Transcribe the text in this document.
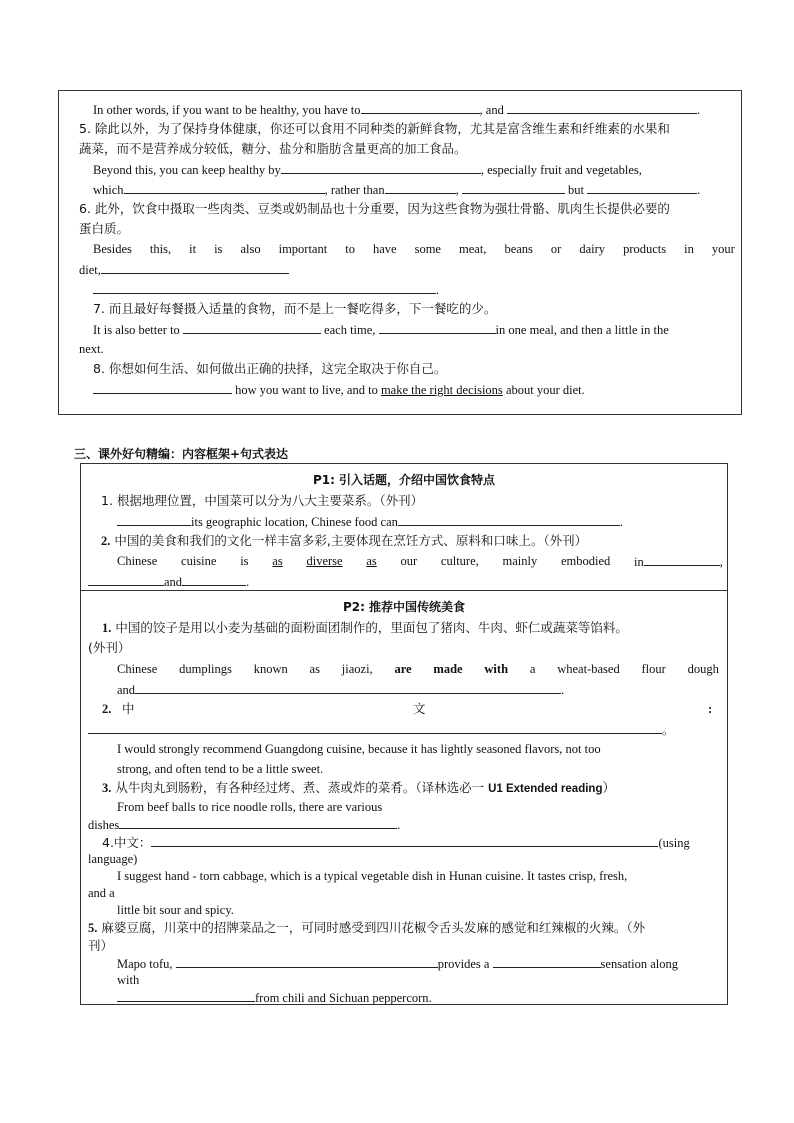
In other words, if you want to be healthy, you have to	, and	.
5. 除此以外，为了保持身体健康，你还可以食用不同种类的新鲜食物，尤其是富含维生素和纤维素的水果和
蔬菜，而不是营养成分较低，糖分、盐分和脂肪含量更高的加工食品。
Beyond this, you can keep healthy by	, especially fruit and vegetables,
which	, rather than	,	but	.
6. 此外，饮食中摄取一些肉类、豆类或奶制品也十分重要，因为这些食物为强壮骨骼、肌肉生长提供必要的
蛋白质。
Besides this, it is also important to have some meat, beans or dairy products in your
diet,
.
7. 而且最好每餐摄入适量的食物，而不是上一餐吃得多，下一餐吃的少。
It is also better to	each time,	in one meal, and then a little in the
next.
8. 你想如何生活、如何做出正确的抉择，这完全取决于你自己。
how you want to live, and to make the right decisions about your diet.
三、课外好句精编：内容框架+句式表达
P1: 引入话题，介绍中国饮食特点
1. 根据地理位置，中国菜可以分为八大主要菜系。（外刊）
its geographic location, Chinese food can	.
2. 中国的美食和我们的文化一样丰富多彩,主要体现在烹饪方式、原料和口味上。（外刊）
Chinese cuisine is as diverse as our culture, mainly embodied in	,
and	.
P2: 推荐中国传统美食
1. 中国的饺子是用以小麦为基础的面粉面团制作的，里面包了猪肉、牛肉、虾仁或蔬菜等馅料。
(外刊）
Chinese dumplings known as jiaozi, are made with a wheat-based flour dough
and	.
2. 中	文	:
。
I would strongly recommend Guangdong cuisine, because it has lightly seasoned flavors, not too
strong, and often tend to be a little sweet.
3. 从牛肉丸到肠粉，有各种经过烤、煮、蒸或炸的菜肴。（译林选必一 U1 Extended reading）
From beef balls to rice noodle rolls, there are various
dishes	.
4.中文：	(using
language)
I suggest hand - torn cabbage, which is a typical vegetable dish in Hunan cuisine. It tastes crisp, fresh,
and a
little bit sour and spicy.
5. 麻婆豆腐，川菜中的招牌菜品之一，可同时感受到四川花椒令舌头发麻的感觉和红辣椒的火辣。（外
刊）
Mapo tofu,	provides a	sensation along
with
from chili and Sichuan peppercorn.
